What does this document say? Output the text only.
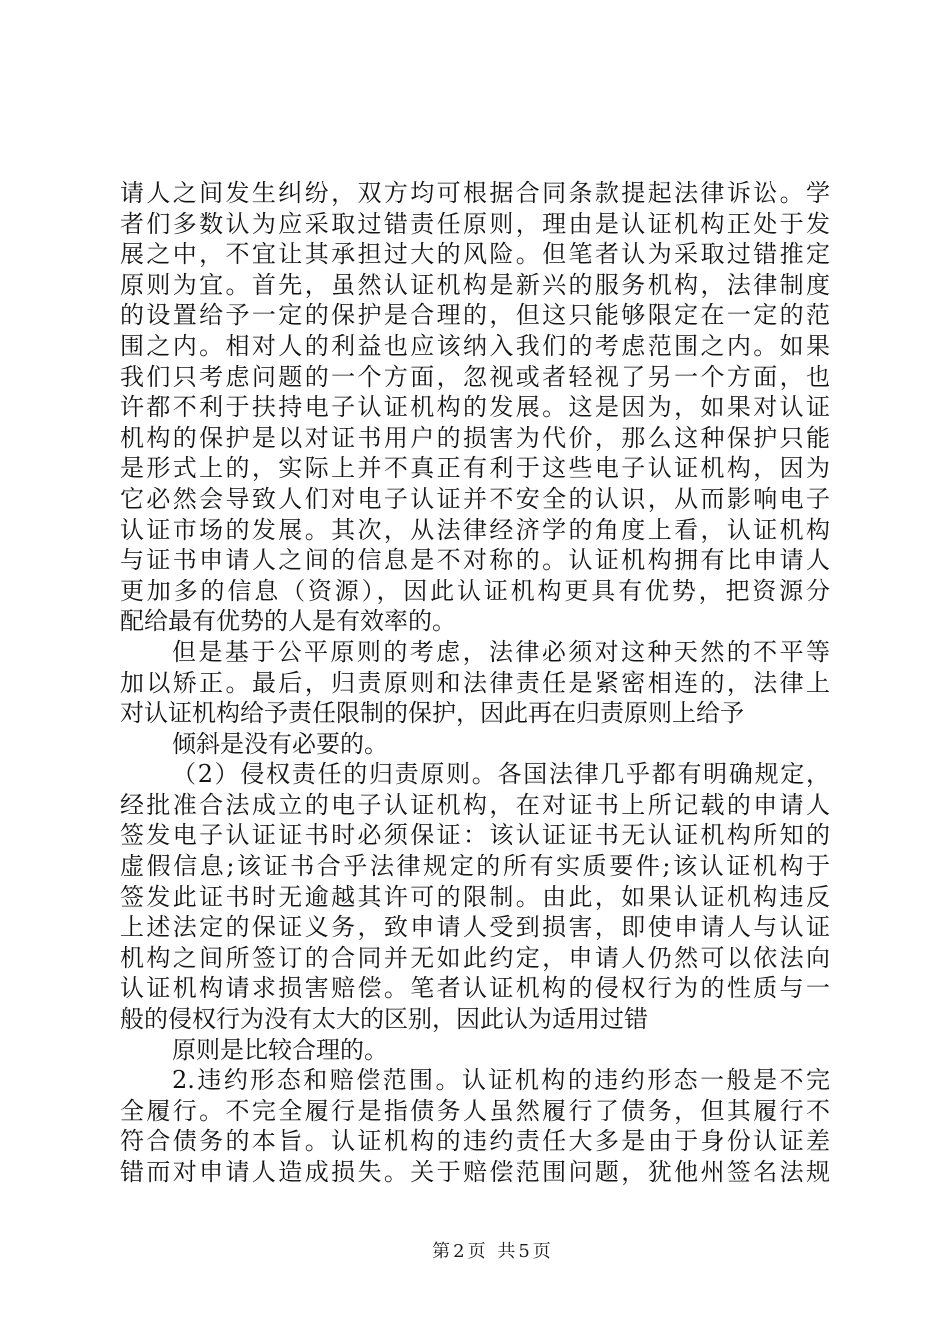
请人之间发生纠纷，双方均可根据合同条款提起法律诉讼。学
者们多数认为应采取过错责任原则，理由是认证机构正处于发
展之中，不宜让其承担过大的风险。但笔者认为采取过错推定
原则为宜。首先，虽然认证机构是新兴的服务机构，法律制度
的设置给予一定的保护是合理的，但这只能够限定在一定的范
围之内。相对人的利益也应该纳入我们的考虑范围之内。如果
我们只考虑问题的一个方面，忽视或者轻视了另一个方面，也
许都不利于扶持电子认证机构的发展。这是因为，如果对认证
机构的保护是以对证书用户的损害为代价，那么这种保护只能
是形式上的，实际上并不真正有利于这些电子认证机构，因为
它必然会导致人们对电子认证并不安全的认识，从而影响电子
认证市场的发展。其次，从法律经济学的角度上看，认证机构
与证书申请人之间的信息是不对称的。认证机构拥有比申请人
更加多的信息（资源），因此认证机构更具有优势，把资源分
配给最有优势的人是有效率的。
但是基于公平原则的考虑，法律必须对这种天然的不平等
加以矫正。最后，归责原则和法律责任是紧密相连的，法律上
对认证机构给予责任限制的保护，因此再在归责原则上给予
倾斜是没有必要的。
（2）侵权责任的归责原则。各国法律几乎都有明确规定，
经批准合法成立的电子认证机构，在对证书上所记载的申请人
签发电子认证证书时必须保证：该认证证书无认证机构所知的
虚假信息;该证书合乎法律规定的所有实质要件;该认证机构于
签发此证书时无逾越其许可的限制。由此，如果认证机构违反
上述法定的保证义务，致申请人受到损害，即使申请人与认证
机构之间所签订的合同并无如此约定，申请人仍然可以依法向
认证机构请求损害赔偿。笔者认证机构的侵权行为的性质与一
般的侵权行为没有太大的区别，因此认为适用过错
原则是比较合理的。
2.违约形态和赔偿范围。认证机构的违约形态一般是不完
全履行。不完全履行是指债务人虽然履行了债务，但其履行不
符合债务的本旨。认证机构的违约责任大多是由于身份认证差
错而对申请人造成损失。关于赔偿范围问题，犹他州签名法规
第2页 共5页
